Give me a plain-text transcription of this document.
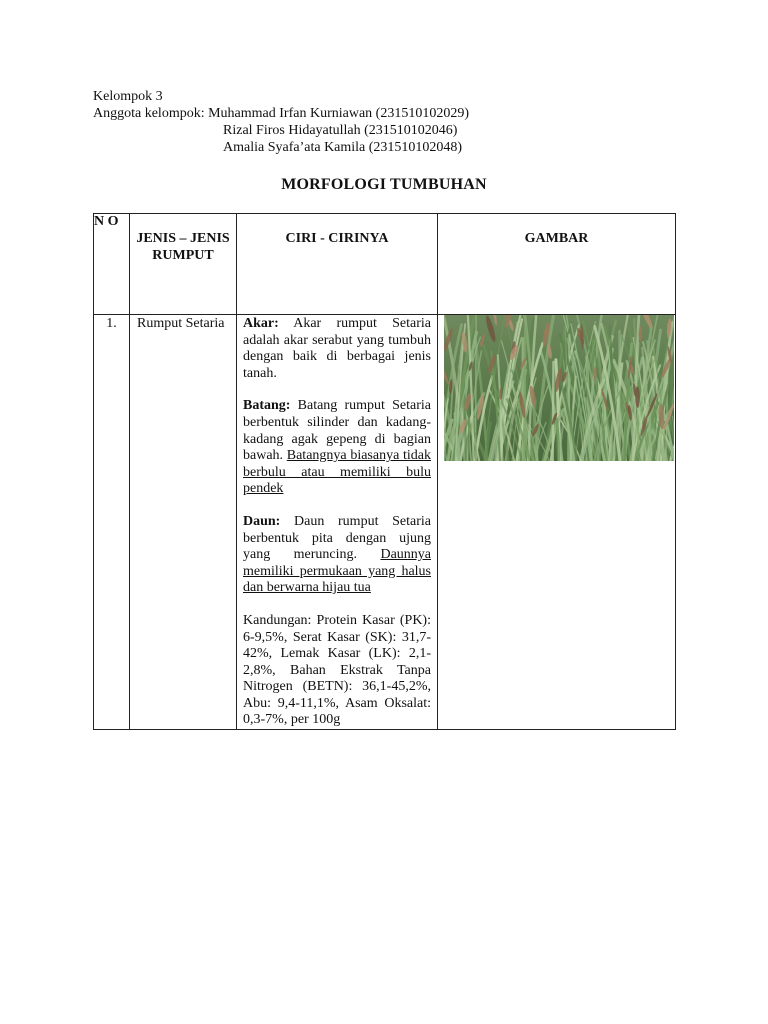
Kelompok 3
Anggota kelompok: Muhammad Irfan Kurniawan (231510102029)
Rizal Firos Hidayatullah (231510102046)
Amalia Syafa’ata Kamila (231510102048)
MORFOLOGI TUMBUHAN
N O	JENIS – JENIS RUMPUT	CIRI - CIRINYA	GAMBAR
1.	Rumput Setaria	Akar: Akar rumput Setaria adalah akar serabut yang tumbuh dengan baik di berbagai jenis tanah.

Batang: Batang rumput Setaria berbentuk silinder dan kadang-kadang agak gepeng di bagian bawah. Batangnya biasanya tidak berbulu atau memiliki bulu pendek

Daun: Daun rumput Setaria berbentuk pita dengan ujung yang meruncing. Daunnya memiliki permukaan yang halus dan berwarna hijau tua

Kandungan: Protein Kasar (PK): 6-9,5%, Serat Kasar (SK): 31,7-42%, Lemak Kasar (LK): 2,1-2,8%, Bahan Ekstrak Tanpa Nitrogen (BETN): 36,1-45,2%, Abu: 9,4-11,1%, Asam Oksalat: 0,3-7%, per 100g
